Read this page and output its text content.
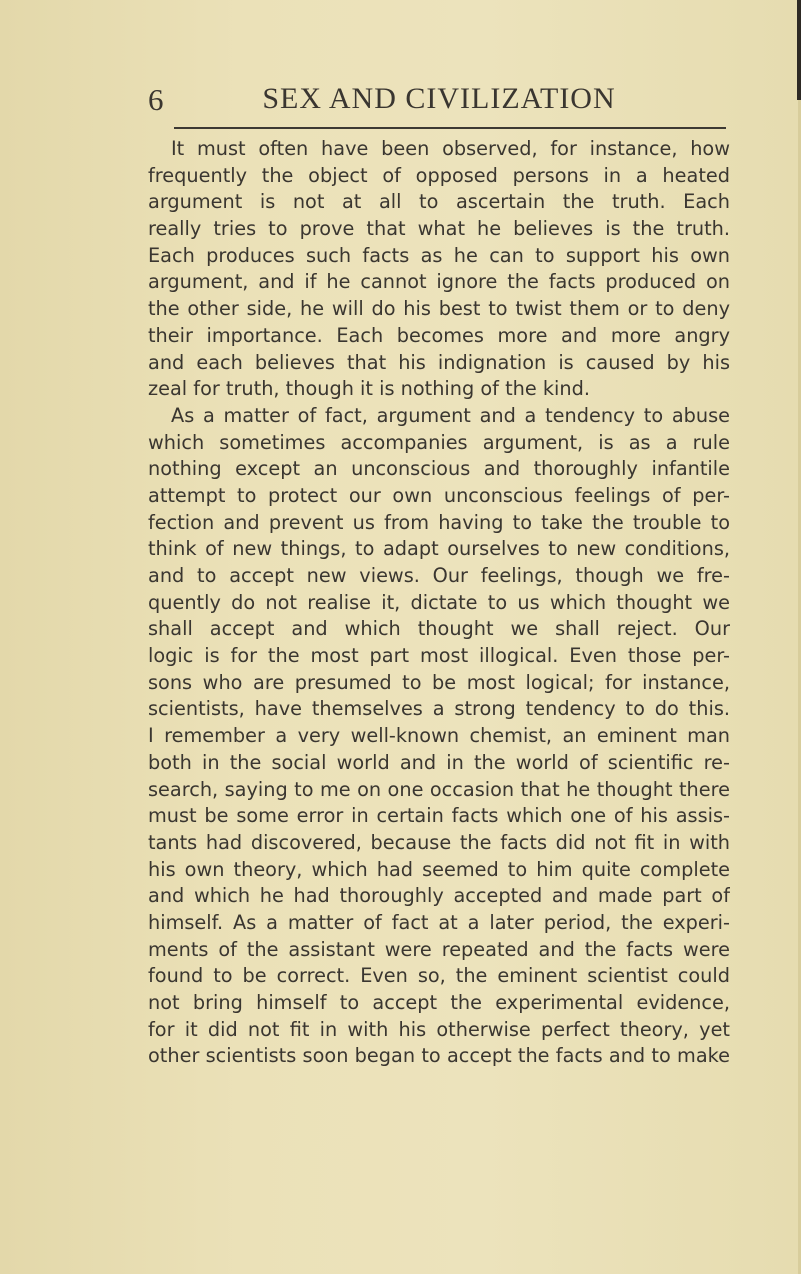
6	SEX AND CIVILIZATION
It must often have been observed, for instance, how
frequently the object of opposed persons in a heated
argument is not at all to ascertain the truth. Each
really tries to prove that what he believes is the truth.
Each produces such facts as he can to support his own
argument, and if he cannot ignore the facts produced on
the other side, he will do his best to twist them or to deny
their importance. Each becomes more and more angry
and each believes that his indignation is caused by his
zeal for truth, though it is nothing of the kind.
As a matter of fact, argument and a tendency to abuse
which sometimes accompanies argument, is as a rule
nothing except an unconscious and thoroughly infantile
attempt to protect our own unconscious feelings of per-
fection and prevent us from having to take the trouble to
think of new things, to adapt ourselves to new conditions,
and to accept new views. Our feelings, though we fre-
quently do not realise it, dictate to us which thought we
shall accept and which thought we shall reject. Our
logic is for the most part most illogical. Even those per-
sons who are presumed to be most logical; for instance,
scientists, have themselves a strong tendency to do this.
I remember a very well-known chemist, an eminent man
both in the social world and in the world of scientific re-
search, saying to me on one occasion that he thought there
must be some error in certain facts which one of his assis-
tants had discovered, because the facts did not fit in with
his own theory, which had seemed to him quite complete
and which he had thoroughly accepted and made part of
himself. As a matter of fact at a later period, the experi-
ments of the assistant were repeated and the facts were
found to be correct. Even so, the eminent scientist could
not bring himself to accept the experimental evidence,
for it did not fit in with his otherwise perfect theory, yet
other scientists soon began to accept the facts and to make
